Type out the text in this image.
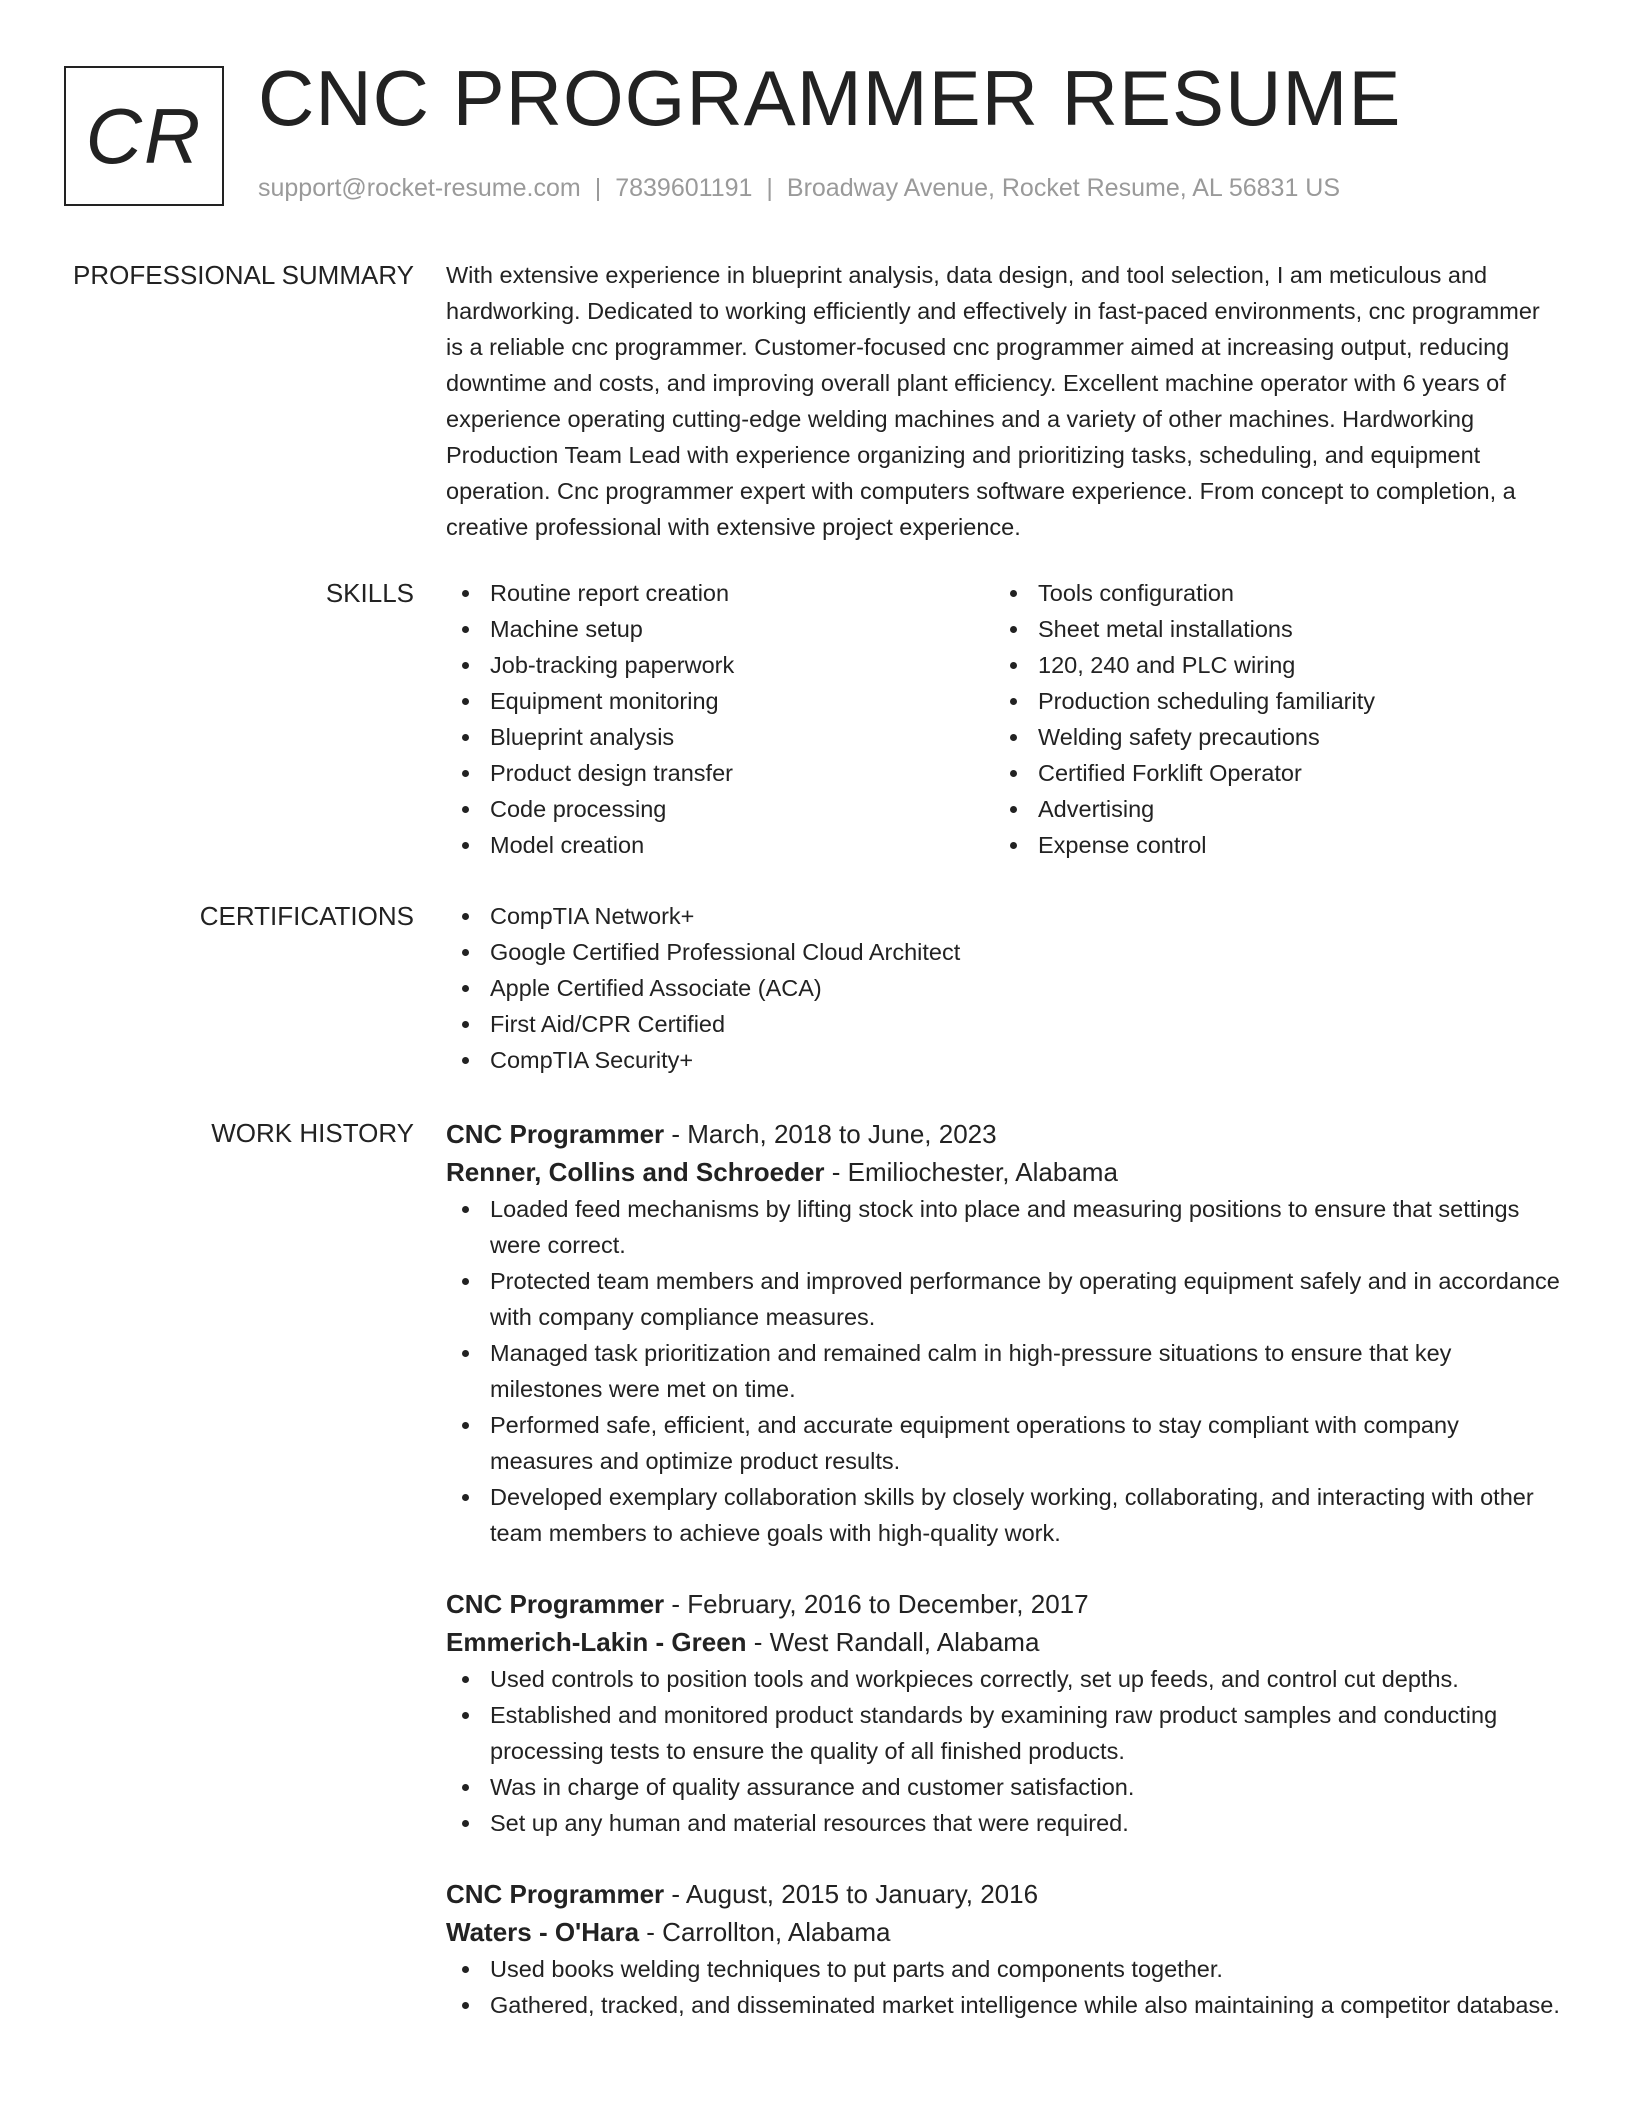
CR CNC PROGRAMMER RESUME
support@rocket-resume.com | 7839601191 | Broadway Avenue, Rocket Resume, AL 56831 US
PROFESSIONAL SUMMARY With extensive experience in blueprint analysis, data design, and tool selection, I am meticulous and hardworking. Dedicated to working efficiently and effectively in fast-paced environments, cnc programmer is a reliable cnc programmer. Customer-focused cnc programmer aimed at increasing output, reducing downtime and costs, and improving overall plant efficiency. Excellent machine operator with 6 years of experience operating cutting-edge welding machines and a variety of other machines. Hardworking Production Team Lead with experience organizing and prioritizing tasks, scheduling, and equipment operation. Cnc programmer expert with computers software experience. From concept to completion, a creative professional with extensive project experience.

SKILLS	Routine report creation
Machine setup
Job-tracking paperwork
Equipment monitoring
Blueprint analysis
Product design transfer
Code processing
Model creation
Tools configuration
Sheet metal installations
120, 240 and PLC wiring
Production scheduling familiarity
Welding safety precautions
Certified Forklift Operator
Advertising
Expense control
CERTIFICATIONS	CompTIA Network+
Google Certified Professional Cloud Architect
Apple Certified Associate (ACA)
First Aid/CPR Certified
CompTIA Security+
WORK HISTORY CNC Programmer - March, 2018 to June, 2023
Renner, Collins and Schroeder - Emiliochester, Alabama
Loaded feed mechanisms by lifting stock into place and measuring positions to ensure that settings were correct.
Protected team members and improved performance by operating equipment safely and in accordance with company compliance measures.
Managed task prioritization and remained calm in high-pressure situations to ensure that key milestones were met on time.
Performed safe, efficient, and accurate equipment operations to stay compliant with company measures and optimize product results.
Developed exemplary collaboration skills by closely working, collaborating, and interacting with other team members to achieve goals with high-quality work.
CNC Programmer - February, 2016 to December, 2017
Emmerich-Lakin - Green - West Randall, Alabama
Used controls to position tools and workpieces correctly, set up feeds, and control cut depths.
Established and monitored product standards by examining raw product samples and conducting processing tests to ensure the quality of all finished products.
Was in charge of quality assurance and customer satisfaction.
Set up any human and material resources that were required.
CNC Programmer - August, 2015 to January, 2016
Waters - O'Hara - Carrollton, Alabama
Used books welding techniques to put parts and components together.
Gathered, tracked, and disseminated market intelligence while also maintaining a competitor database.
